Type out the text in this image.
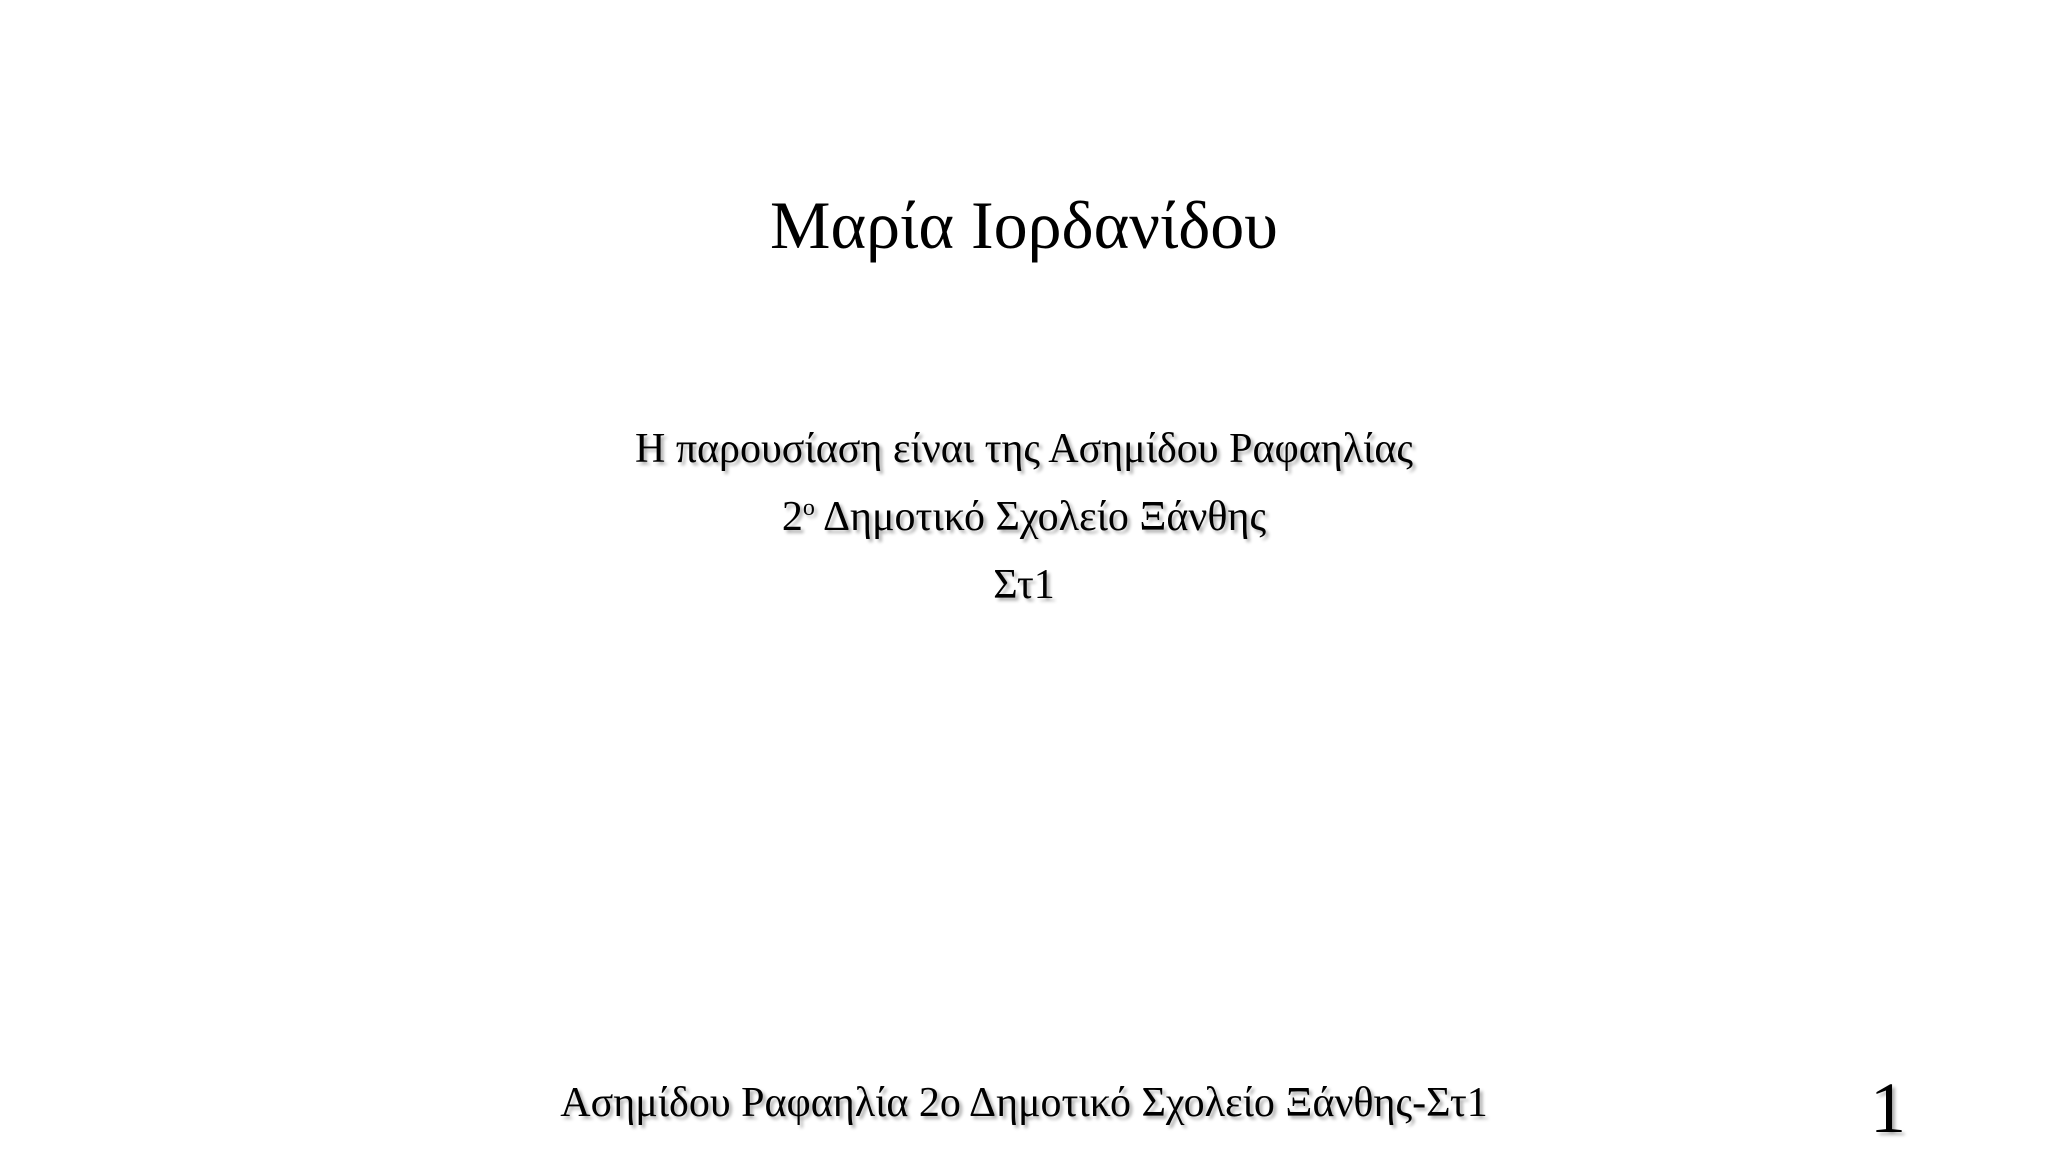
Μαρία Ιορδανίδου
Η παρουσίαση είναι της Ασημίδου Ραφαηλίας
$2^o$ Δημοτικό Σχολείο Ξάνθης
Στ1
Ασημίδου Ραφαηλία 2ο Δημοτικό Σχολείο Ξάνθης-Στ1	1
